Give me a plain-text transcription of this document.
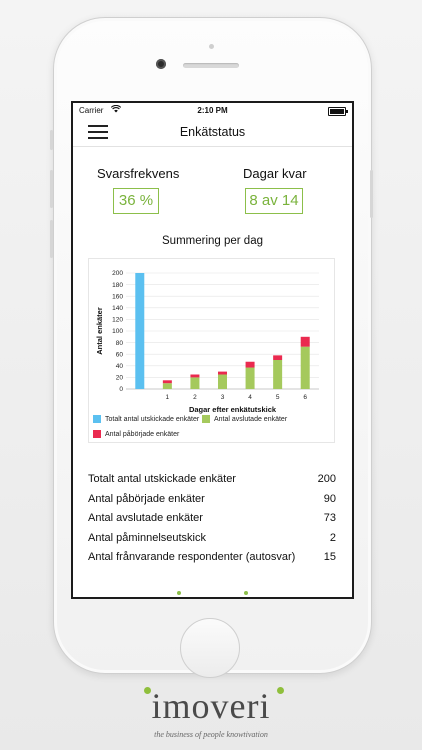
Carrier	2:10 PM
Enkätstatus
Svarsfrekvens
36 %
Dagar kvar
8 av 14
Summering per dag
0
20
40
60
80
100
120
140
160
180
200
1	2	3	4	5	6
Dagar efter enkätutskick
Antal enkäter
Totalt antal utskickade enkäter	Antal avslutade enkäter
Antal påbörjade enkäter
Totalt antal utskickade enkäter	200
Antal påbörjade enkäter	90
Antal avslutade enkäter	73
Antal påminnelseutskick	2
Antal frånvarande respondenter (autosvar)	15
imoveri
the business of people knowtivation
